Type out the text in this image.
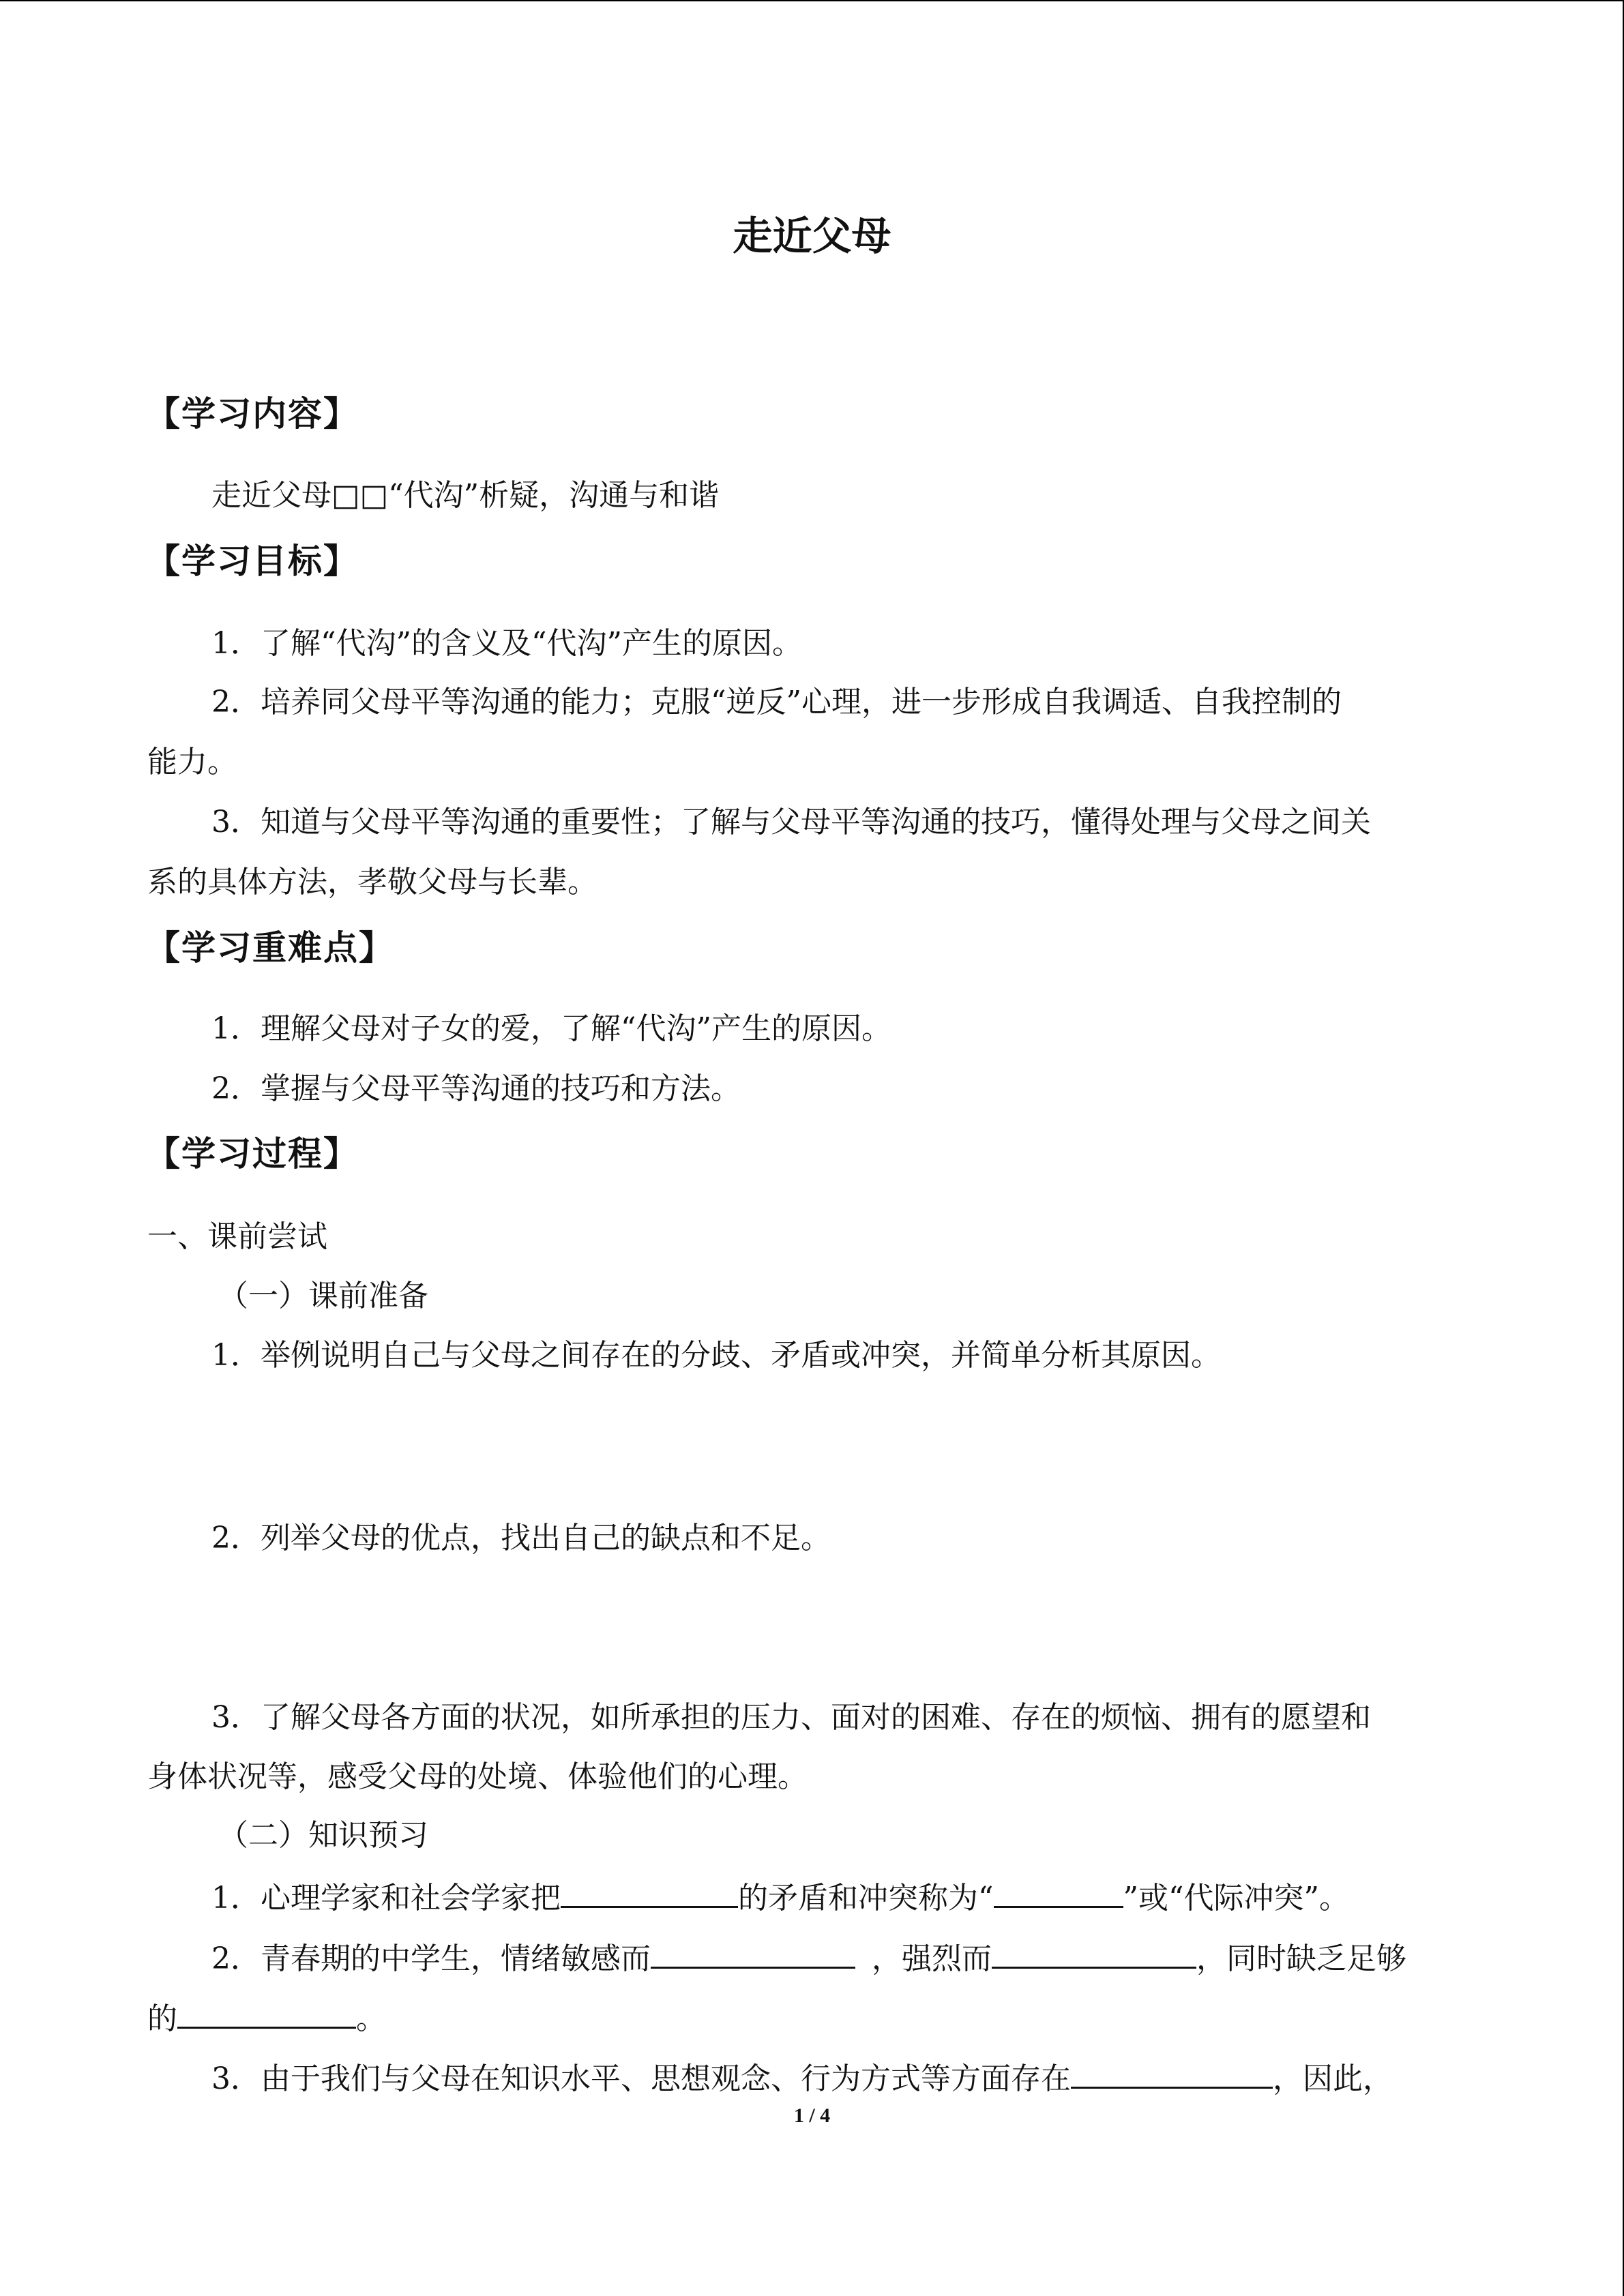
走近父母
【学习内容】
走近父母□□“代沟”析疑，沟通与和谐
【学习目标】
1．了解“代沟”的含义及“代沟”产生的原因。
2．培养同父母平等沟通的能力；克服“逆反”心理，进一步形成自我调适、自我控制的
能力。
3．知道与父母平等沟通的重要性；了解与父母平等沟通的技巧，懂得处理与父母之间关
系的具体方法，孝敬父母与长辈。
【学习重难点】
1．理解父母对子女的爱，了解“代沟”产生的原因。
2．掌握与父母平等沟通的技巧和方法。
【学习过程】
一、课前尝试
（一）课前准备
1．举例说明自己与父母之间存在的分歧、矛盾或冲突，并简单分析其原因。
2．列举父母的优点，找出自己的缺点和不足。
3．了解父母各方面的状况，如所承担的压力、面对的困难、存在的烦恼、拥有的愿望和
身体状况等，感受父母的处境、体验他们的心理。
（二）知识预习
1．心理学家和社会学家把	的矛盾和冲突称为“	”或“代际冲突”。
2．青春期的中学生，情绪敏感而	，强烈而	，同时缺乏足够
的	。
3．由于我们与父母在知识水平、思想观念、行为方式等方面存在	，因此，
1 / 4
